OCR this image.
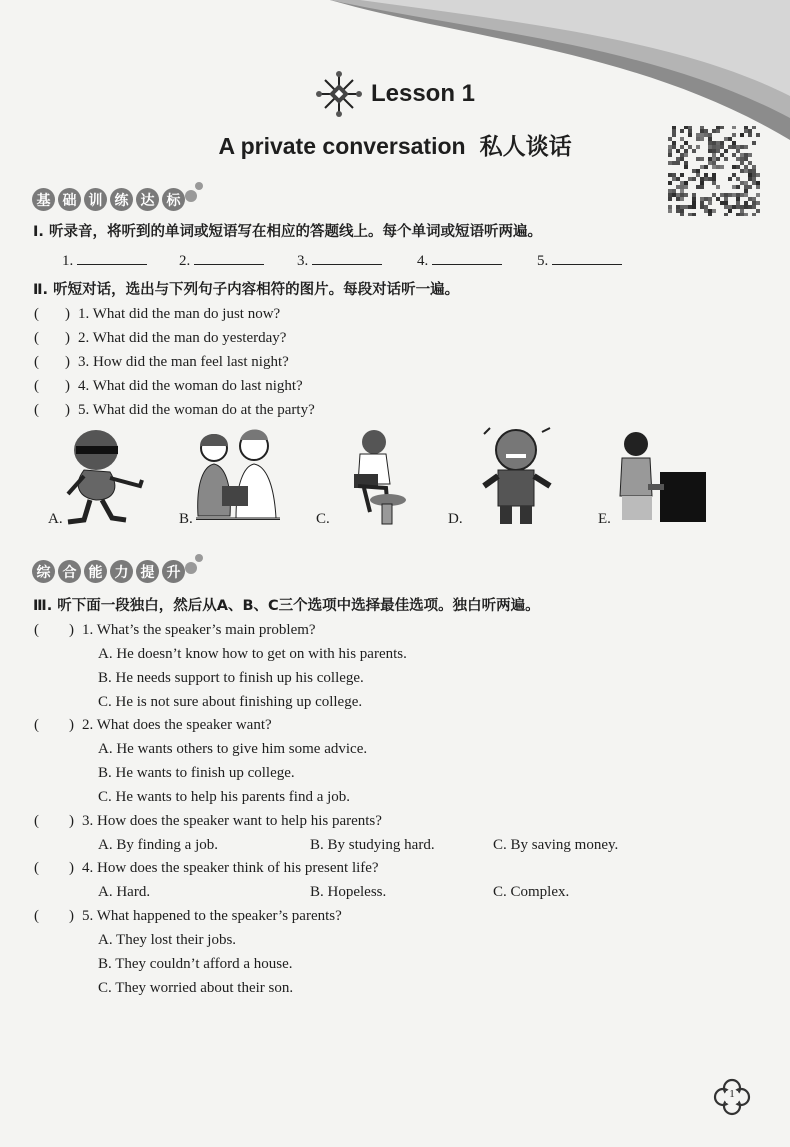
Lesson 1
A private conversation 私人谈话
基 础 训 练 达 标
Ⅰ. 听录音，将听到的单词或短语写在相应的答题线上。每个单词或短语听两遍。
1.	2.	3.	4.	5.
Ⅱ. 听短对话，选出与下列句子内容相符的图片。每段对话听一遍。
( ) 1. What did the man do just now?
( ) 2. What did the man do yesterday?
( ) 3. How did the man feel last night?
( ) 4. What did the woman do last night?
( ) 5. What did the woman do at the party?
A.	B.	C.	D.	E.
综 合 能 力 提 升
Ⅲ. 听下面一段独白，然后从A、B、C三个选项中选择最佳选项。独白听两遍。
( ) 1. What’s the speaker’s main problem?
A. He doesn’t know how to get on with his parents.
B. He needs support to finish up his college.
C. He is not sure about finishing up college.
( ) 2. What does the speaker want?
A. He wants others to give him some advice.
B. He wants to finish up college.
C. He wants to help his parents find a job.
( ) 3. How does the speaker want to help his parents?
A. By finding a job.	B. By studying hard.	C. By saving money.
( ) 4. How does the speaker think of his present life?
A. Hard.	B. Hopeless.	C. Complex.
( ) 5. What happened to the speaker’s parents?
A. They lost their jobs.
B. They couldn’t afford a house.
C. They worried about their son.
1
